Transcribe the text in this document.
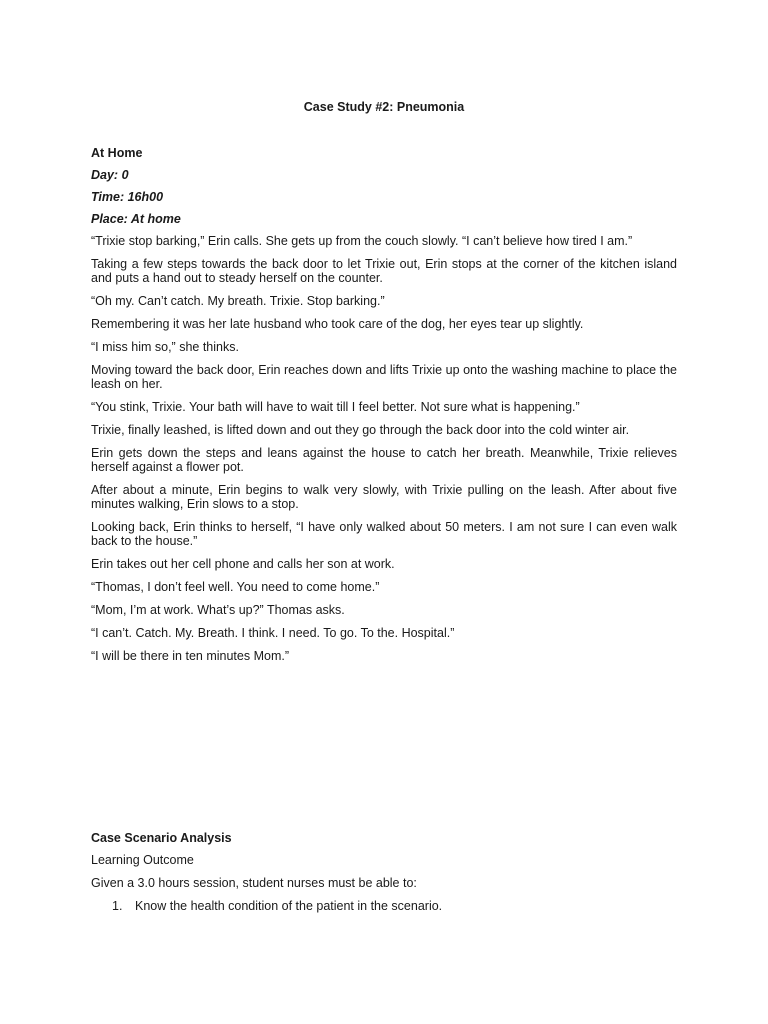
Case Study #2: Pneumonia
At Home
Day: 0
Time: 16h00
Place: At home

“Trixie stop barking,” Erin calls. She gets up from the couch slowly. “I can’t believe how tired I am.”

Taking a few steps towards the back door to let Trixie out, Erin stops at the corner of the kitchen island and puts a hand out to steady herself on the counter.

“Oh my. Can’t catch. My breath. Trixie. Stop barking.”

Remembering it was her late husband who took care of the dog, her eyes tear up slightly.

“I miss him so,” she thinks.

Moving toward the back door, Erin reaches down and lifts Trixie up onto the washing machine to place the leash on her.

“You stink, Trixie. Your bath will have to wait till I feel better. Not sure what is happening.”

Trixie, finally leashed, is lifted down and out they go through the back door into the cold winter air.

Erin gets down the steps and leans against the house to catch her breath. Meanwhile, Trixie relieves herself against a flower pot.

After about a minute, Erin begins to walk very slowly, with Trixie pulling on the leash. After about five minutes walking, Erin slows to a stop.

Looking back, Erin thinks to herself, “I have only walked about 50 meters. I am not sure I can even walk back to the house.”

Erin takes out her cell phone and calls her son at work.

“Thomas, I don’t feel well. You need to come home.”

“Mom, I’m at work. What’s up?” Thomas asks.

“I can’t. Catch. My. Breath. I think. I need. To go. To the. Hospital.”

“I will be there in ten minutes Mom.”

Case Scenario Analysis
Learning Outcome
Given a 3.0 hours session, student nurses must be able to:
1. Know the health condition of the patient in the scenario.
